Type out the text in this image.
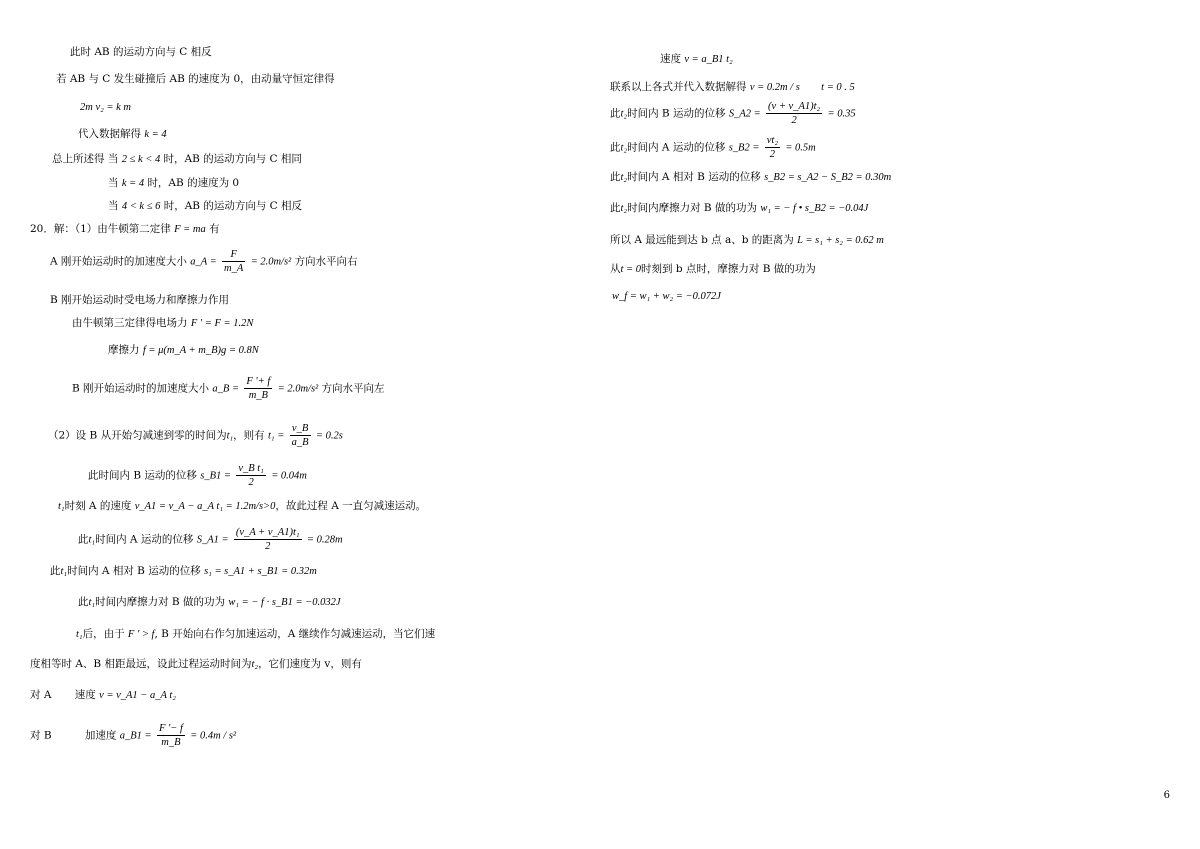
此时 AB 的运动方向与 C 相反
若 AB 与 C 发生碰撞后 AB 的速度为 0，由动量守恒定律得
2m v₂ = k m
代入数据解得 k = 4
总上所述得 当 2 ≤ k < 4 时，AB 的运动方向与 C 相同
当 k = 4 时，AB 的速度为 0
当 4 < k ≤ 6 时，AB 的运动方向与 C 相反
20．解：（1）由牛顿第二定律 F = ma 有
A 刚开始运动时的加速度大小 a_A = $\frac{F}{m\_A} = 2.0m/s^2$ 方向水平向右
B 刚开始运动时受电场力和摩擦力作用
由牛顿第三定律得电场力 F ' = F = 1.2N
摩擦力 f = μ(m_A + m_B)g = 0.8N
B 刚开始运动时的加速度大小 a_B = $\frac{F '+ f}{m\_B} = 2.0m/s^2$ 方向水平向左
（2）设 B 从开始匀减速到零的时间为t₁，则有 $t_1 = \frac{v\_B}{a\_B} = 0.2s$
此时间内 B 运动的位移 s_B1 = $\frac{\text{v\_B t₁}}{2} = 0.04m$
t₁时刻 A 的速度 v_A1 = v_A − a_A t₁ = 1.2m/s>0，故此过程 A 一直匀减速运动。
此t₁时间内 A 运动的位移 S_A1 = $\frac{\text{(v\_A + v\_A1)t₁}}{2} = 0.28m$
此t₁时间内 A 相对 B 运动的位移 s₁ = s_A1 + s_B1 = 0.32m
此t₁时间内摩擦力对 B 做的功为 w₁ = − f · s_B1 = −0.032J
t₁后，由于 F ' > f, B 开始向右作匀加速运动，A 继续作匀减速运动，当它们速
度相等时 A、B 相距最远，设此过程运动时间为t₂，它们速度为 v，则有
对 A 速度 v = v_A1 − a_A t₂
对 B	加速度 a_B1 = $\frac{F '- f}{m\_B} = 0.4m / s^2$
速度 v = a_B1 t₂
联系以上各式并代入数据解得 v = 0.2m / s t = 0 . 5
此t₂时间内 B 运动的位移 S_A2 = $\frac{\text{(v + v\_A1)t₂}}{2} = 0.35$
此t₂时间内 A 运动的位移 s_B2 = $\frac{\text{vt₂}}{2} = 0.5m$
此t₂时间内 A 相对 B 运动的位移 s_B2 = s_A2 − S_B2 = 0.30m
此t₂时间内摩擦力对 B 做的功为 w₁ = − f • s_B2 = −0.04J
所以 A 最远能到达 b 点 a、b 的距离为 L = s₁ + s₂ = 0.62 m
从t = 0时刻到 b 点时，摩擦力对 B 做的功为
w_f = w₁ + w₂ = −0.072J
6
